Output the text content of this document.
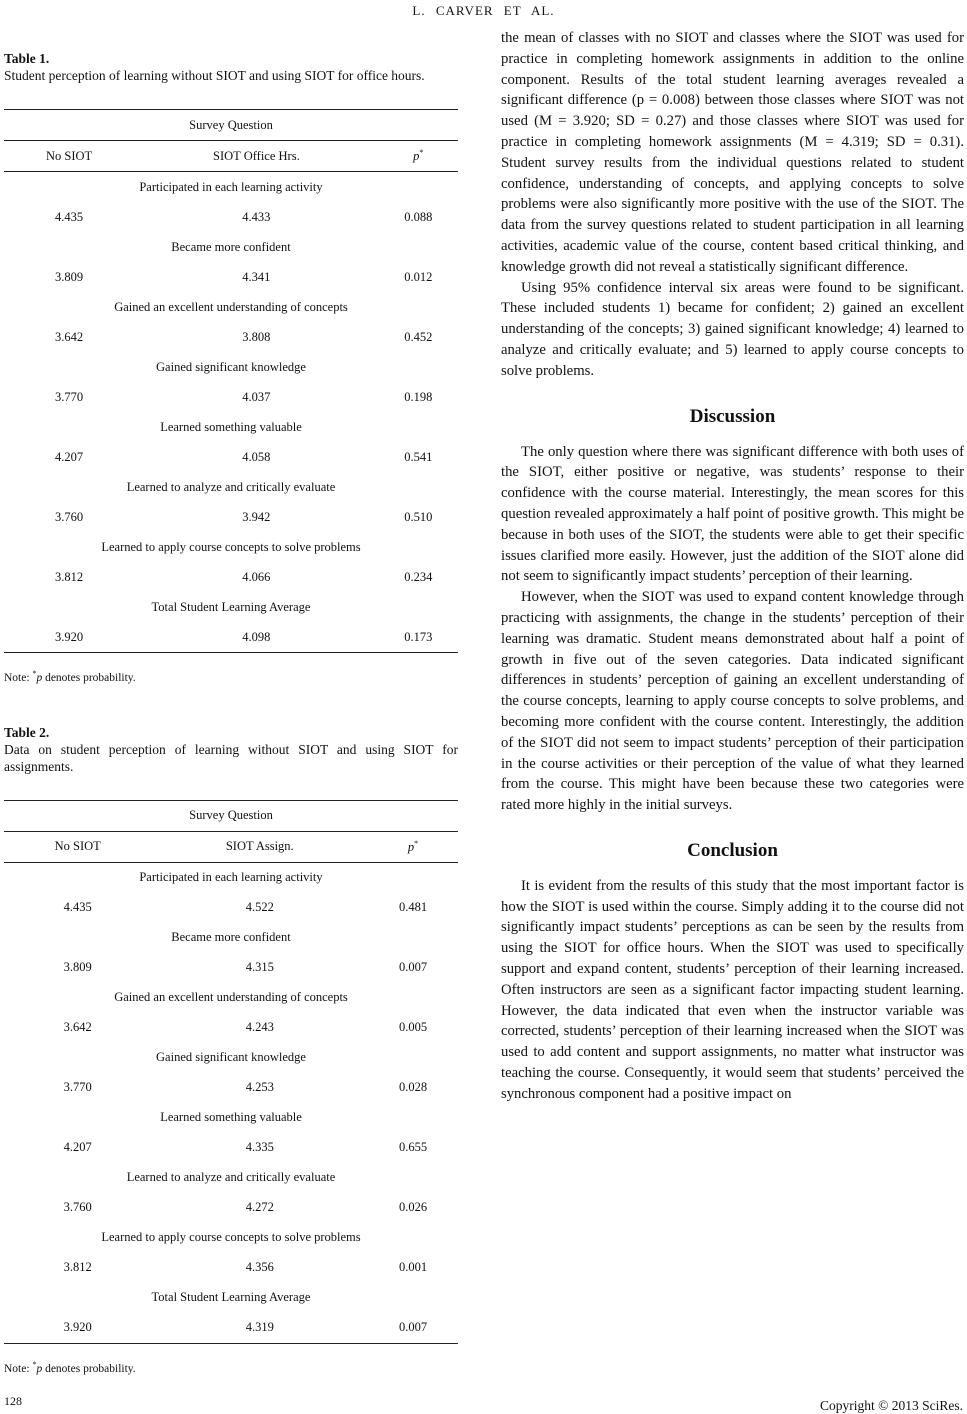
L. CARVER ET AL.
Table 1.
Student perception of learning without SIOT and using SIOT for office hours.
Survey Question		
No SIOT	SIOT Office Hrs.	p*
Participated in each learning activity		
4.435	4.433	0.088
Became more confident		
3.809	4.341	0.012
Gained an excellent understanding of concepts		
3.642	3.808	0.452
Gained significant knowledge		
3.770	4.037	0.198
Learned something valuable		
4.207	4.058	0.541
Learned to analyze and critically evaluate		
3.760	3.942	0.510
Learned to apply course concepts to solve problems		
3.812	4.066	0.234
Total Student Learning Average		
3.920	4.098	0.173
Note: *p denotes probability.
Table 2.
Data on student perception of learning without SIOT and using SIOT for assignments.
Survey Question		
No SIOT	SIOT Assign.	p*
Participated in each learning activity		
4.435	4.522	0.481
Became more confident		
3.809	4.315	0.007
Gained an excellent understanding of concepts		
3.642	4.243	0.005
Gained significant knowledge		
3.770	4.253	0.028
Learned something valuable		
4.207	4.335	0.655
Learned to analyze and critically evaluate		
3.760	4.272	0.026
Learned to apply course concepts to solve problems		
3.812	4.356	0.001
Total Student Learning Average		
3.920	4.319	0.007
Note: *p denotes probability.

the mean of classes with no SIOT and classes where the SIOT was used for practice in completing homework assignments in addition to the online component. Results of the total student learning averages revealed a significant difference (p = 0.008) between those classes where SIOT was not used (M = 3.920; SD = 0.27) and those classes where SIOT was used for practice in completing homework assignments (M = 4.319; SD = 0.31). Student survey results from the individual questions related to student confidence, understanding of concepts, and applying concepts to solve problems were also significantly more positive with the use of the SIOT. The data from the survey questions related to student participation in all learning activities, academic value of the course, content based critical thinking, and knowledge growth did not reveal a statistically significant difference.

Using 95% confidence interval six areas were found to be significant. These included students 1) became for confident; 2) gained an excellent understanding of the concepts; 3) gained significant knowledge; 4) learned to analyze and critically evaluate; and 5) learned to apply course concepts to solve problems.

Discussion

The only question where there was significant difference with both uses of the SIOT, either positive or negative, was students’ response to their confidence with the course material. Interestingly, the mean scores for this question revealed approximately a half point of positive growth. This might be because in both uses of the SIOT, the students were able to get their specific issues clarified more easily. However, just the addition of the SIOT alone did not seem to significantly impact students’ perception of their learning.

However, when the SIOT was used to expand content knowledge through practicing with assignments, the change in the students’ perception of their learning was dramatic. Student means demonstrated about half a point of growth in five out of the seven categories. Data indicated significant differences in students’ perception of gaining an excellent understanding of the course concepts, learning to apply course concepts to solve problems, and becoming more confident with the course content. Interestingly, the addition of the SIOT did not seem to impact students’ perception of their participation in the course activities or their perception of the value of what they learned from the course. This might have been because these two categories were rated more highly in the initial surveys.

Conclusion

It is evident from the results of this study that the most important factor is how the SIOT is used within the course. Simply adding it to the course did not significantly impact students’ perceptions as can be seen by the results from using the SIOT for office hours. When the SIOT was used to specifically support and expand content, students’ perception of their learning increased. Often instructors are seen as a significant factor impacting student learning. However, the data indicated that even when the instructor variable was corrected, students’ perception of their learning increased when the SIOT was used to add content and support assignments, no matter what instructor was teaching the course. Consequently, it would seem that students’ perceived the synchronous component had a positive impact on

128	Copyright © 2013 SciRes.
